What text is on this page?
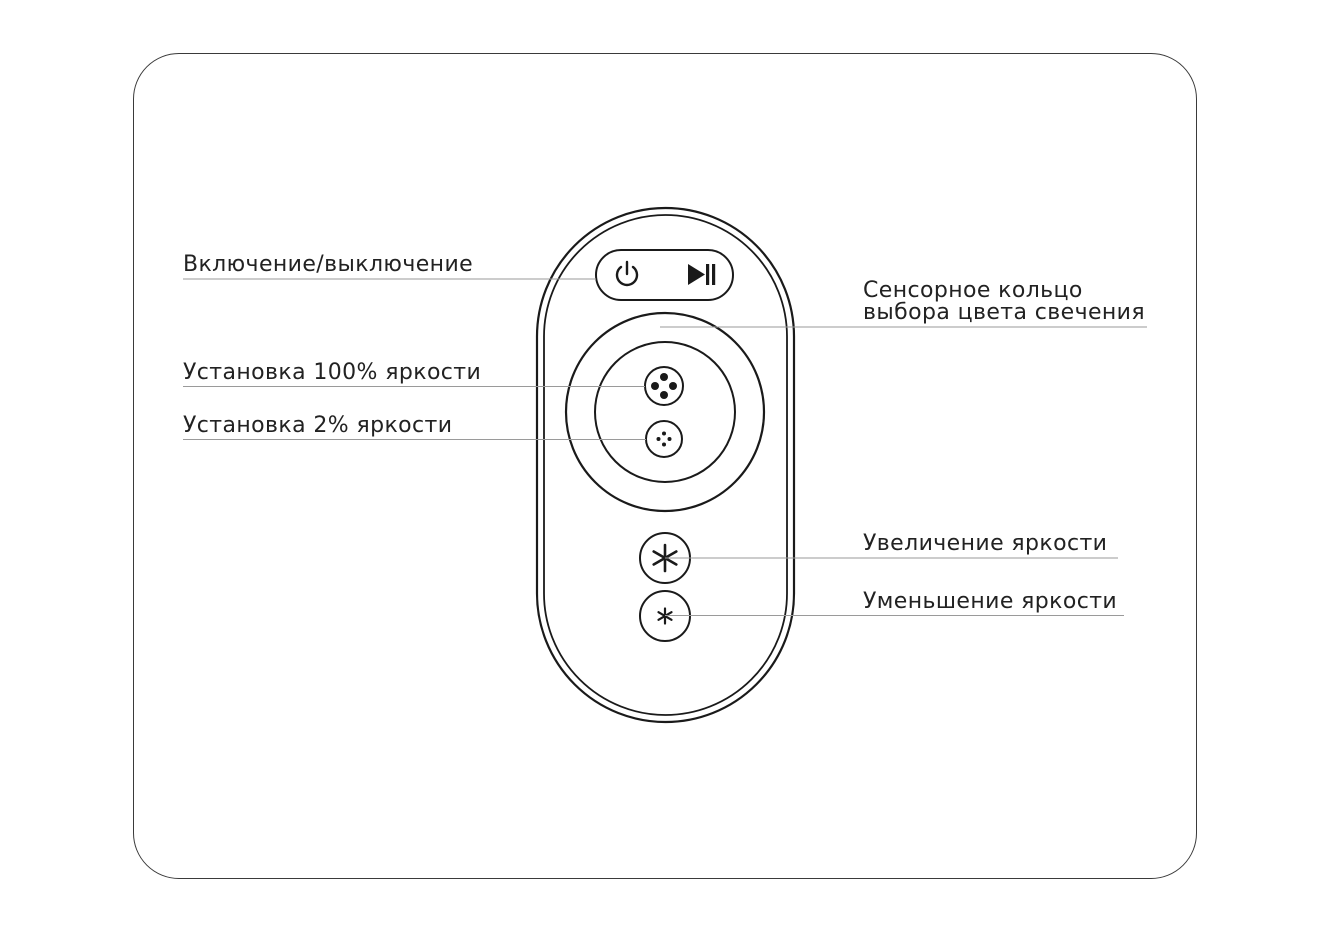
Включение/выключение
Установка 100% яркости
Установка 2% яркости
Сенсорное кольцо
выбора цвета свечения
Увеличение яркости
Уменьшение яркости
